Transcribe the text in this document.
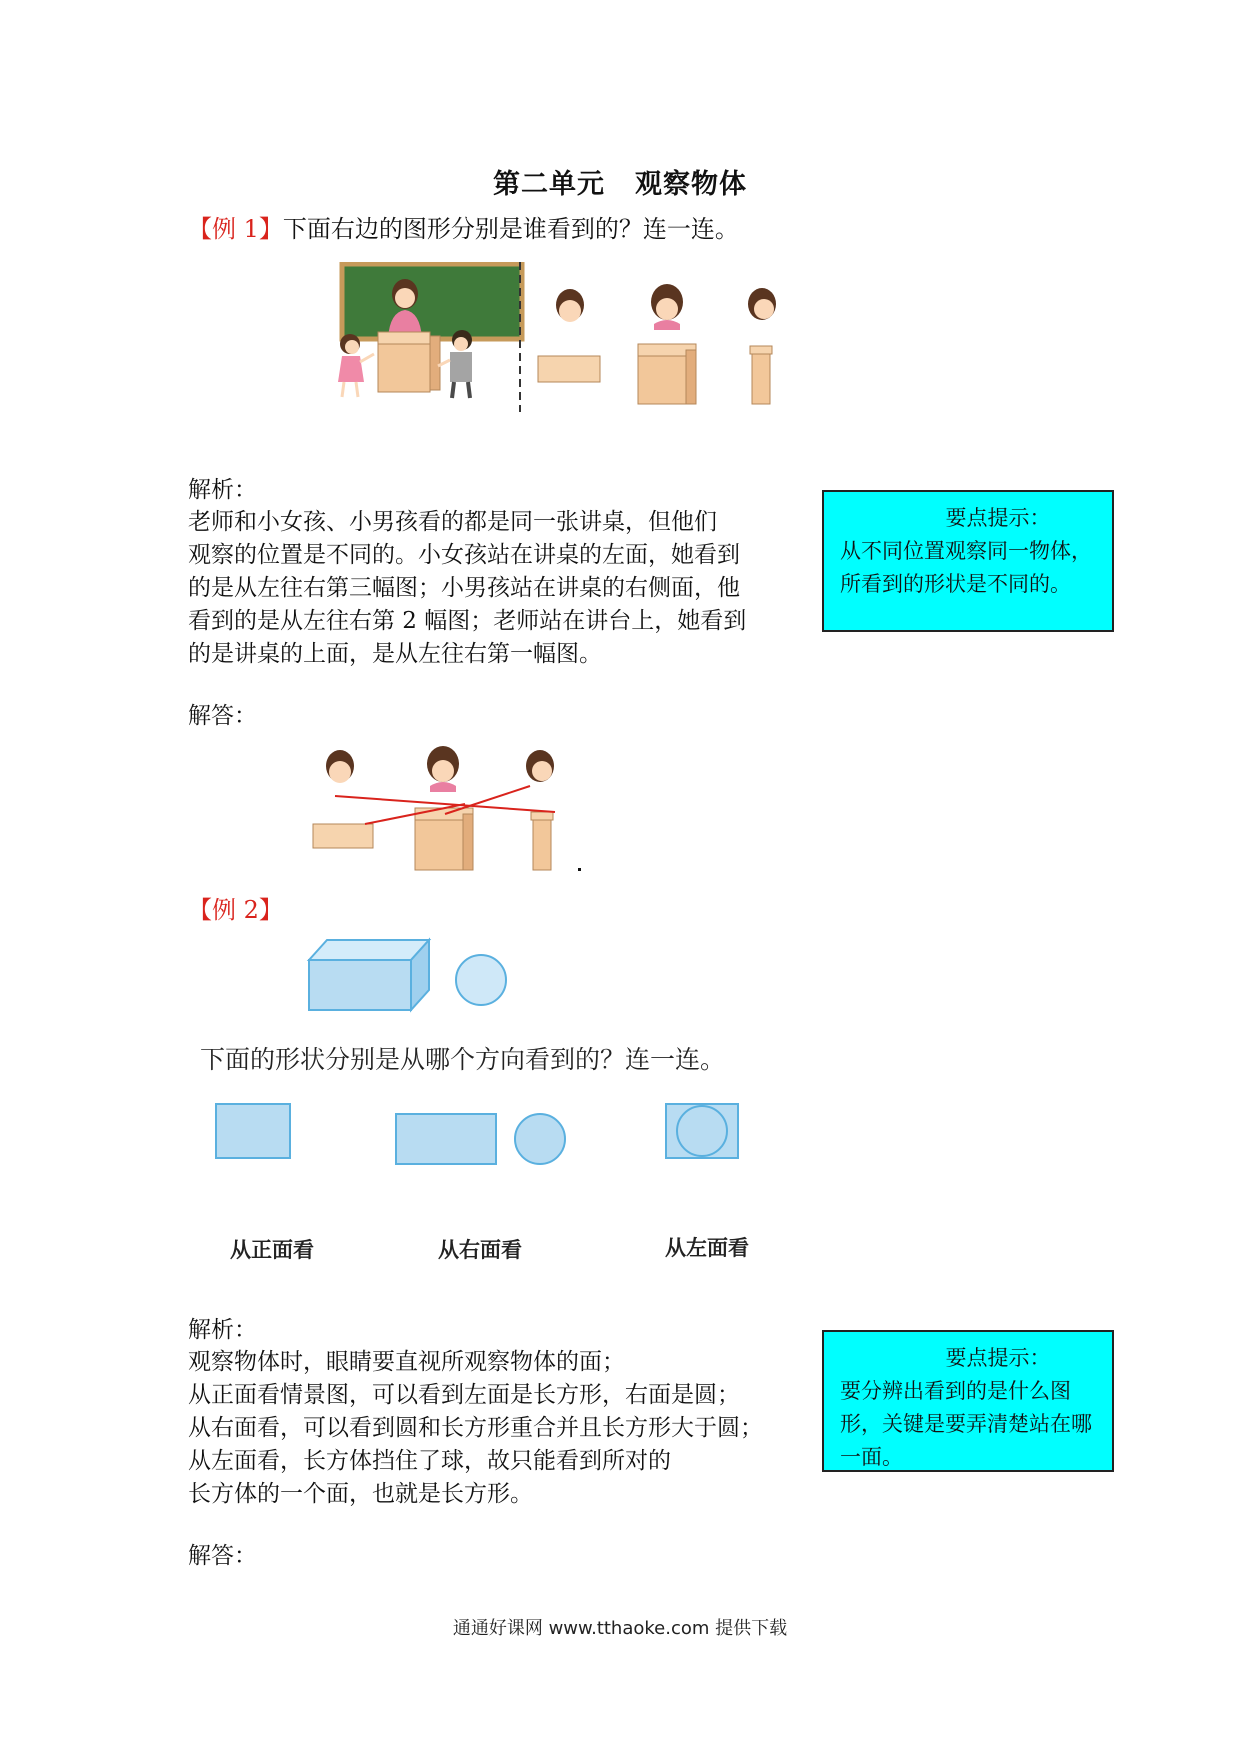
第二单元 观察物体
【例 1】下面右边的图形分别是谁看到的？连一连。
解析：
老师和小女孩、小男孩看的都是同一张讲桌，但他们
观察的位置是不同的。小女孩站在讲桌的左面，她看到
的是从左往右第三幅图；小男孩站在讲桌的右侧面，他
看到的是从左往右第 2 幅图；老师站在讲台上，她看到
的是讲桌的上面，是从左往右第一幅图。
要点提示：
从不同位置观察同一物体，
所看到的形状是不同的。
解答：
【例 2】
下面的形状分别是从哪个方向看到的？连一连。
从正面看	从右面看	从左面看
解析：
观察物体时，眼睛要直视所观察物体的面；
从正面看情景图，可以看到左面是长方形，右面是圆；
从右面看，可以看到圆和长方形重合并且长方形大于圆；
从左面看，长方体挡住了球，故只能看到所对的
长方体的一个面，也就是长方形。
要点提示：
要分辨出看到的是什么图
形，关键是要弄清楚站在哪
一面。
解答：
通通好课网 www.tthaoke.com 提供下载
